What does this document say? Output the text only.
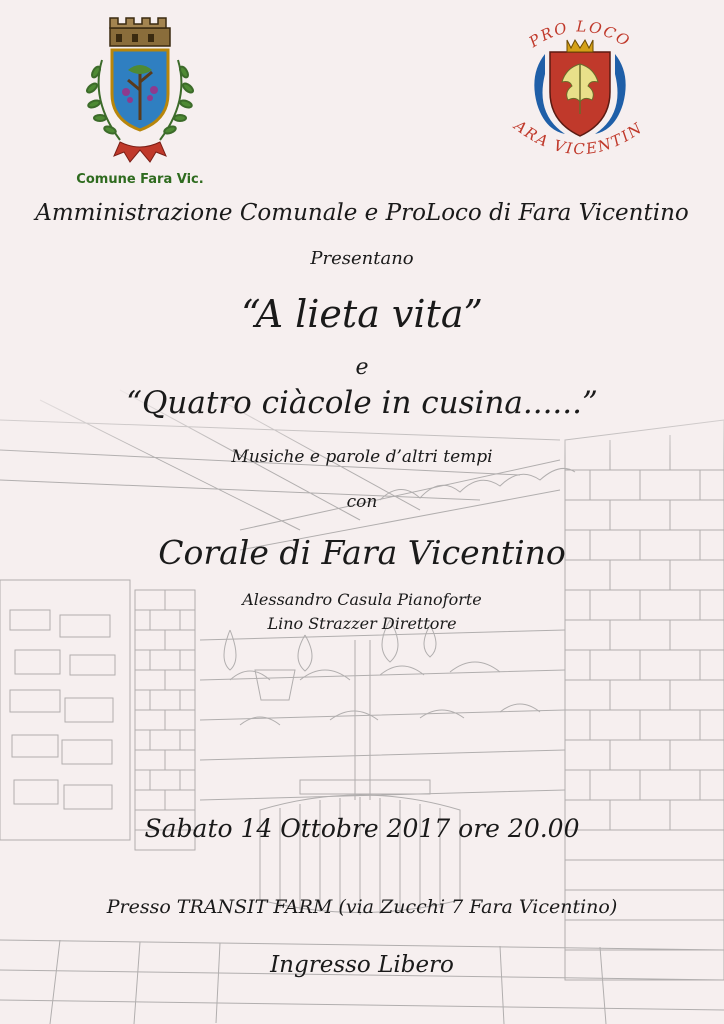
Comune Fara Vic.
PRO LOCO
ARA VICENTIN
Amministrazione Comunale e ProLoco di Fara Vicentino
Presentano
“A lieta vita”
e
“Quatro ciàcole in cusina......”
Musiche e parole d’altri tempi
con
Corale di Fara Vicentino
Alessandro Casula Pianoforte
Lino Strazzer Direttore
Sabato 14 Ottobre 2017 ore 20.00
Presso TRANSIT FARM (via Zucchi 7 Fara Vicentino)
Ingresso Libero
